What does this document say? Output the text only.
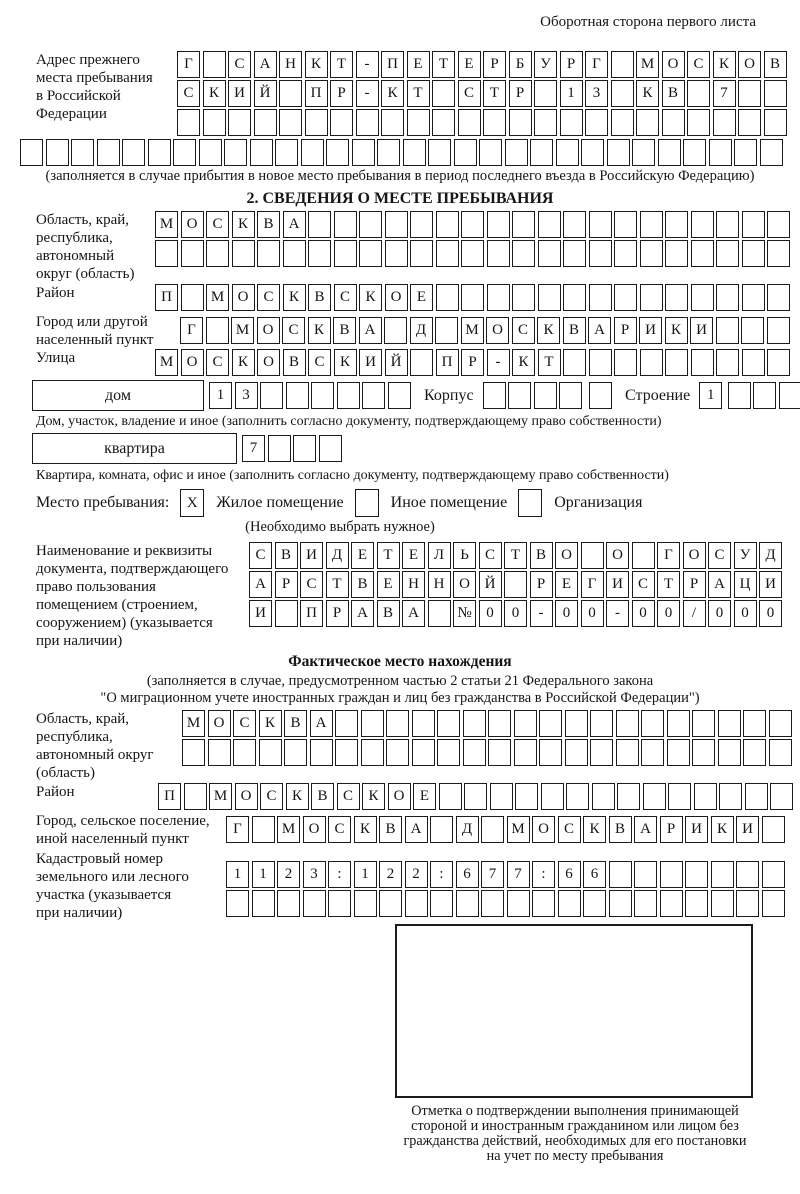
Оборотная сторона первого листа
Адрес прежнего
места пребывания
в Российской
Федерации
Г	С	А Н	К	Т	-	П	Е	Т	Е	Р	Б	У	Р	Г	М О	С	К	О	В
С	К	И Й	П	Р	-	К	Т	С	Т	Р	1	3	К	В	7
(заполняется в случае прибытия в новое место пребывания в период последнего въезда в Российскую Федерацию)
2. СВЕДЕНИЯ О МЕСТЕ ПРЕБЫВАНИЯ
Область, край,
республика,
автономный
округ (область)
М О	С	К	В	А
Район	П	М О	С	К	В	С	К	О	Е
Город или другой
населенный пункт
Г	М О	С	К	В	А	Д	М О	С	К	В	А	Р	И	К	И
Улица	М О	С	К	О	В	С	К	И Й	П	Р	-	К	Т
дом	1	3	Корпус	Строение	1
Дом, участок, владение и иное (заполнить согласно документу, подтверждающему право собственности)
квартира	7
Квартира, комната, офис и иное (заполнить согласно документу, подтверждающему право собственности)
Место пребывания:	X	Жилое помещение	Иное помещение	Организация
(Необходимо выбрать нужное)
Наименование и реквизиты
документа, подтверждающего
право пользования
помещением (строением,
сооружением) (указывается
при наличии)
С	В	И Д	Е	Т	Е	Л	Ь	С	Т	В	О	О	Г	О	С	У	Д
А	Р	С	Т	В	Е	Н Н О Й	Р	Е	Г	И	С	Т	Р	А Ц И
И	П	Р	А	В	А	№ 0	0	-	0	0	-	0	0	/	0	0	0
Фактическое место нахождения
(заполняется в случае, предусмотренном частью 2 статьи 21 Федерального закона
"О миграционном учете иностранных граждан и лиц без гражданства в Российской Федерации")
Область, край,
республика,
автономный округ
(область)
М О	С	К	В	А
Район	П	М О	С	К	В	С	К	О	Е
Город, сельское поселение,
иной населенный пункт
Г	М О	С	К	В	А	Д	М О	С	К	В	А	Р	И	К	И
Кадастровый номер
земельного или лесного
участка (указывается
при наличии)
1	1	2	3	:	1	2	2	:	6	7	7	:	6	6
Отметка о подтверждении выполнения принимающей
стороной и иностранным гражданином или лицом без
гражданства действий, необходимых для его постановки
на учет по месту пребывания
